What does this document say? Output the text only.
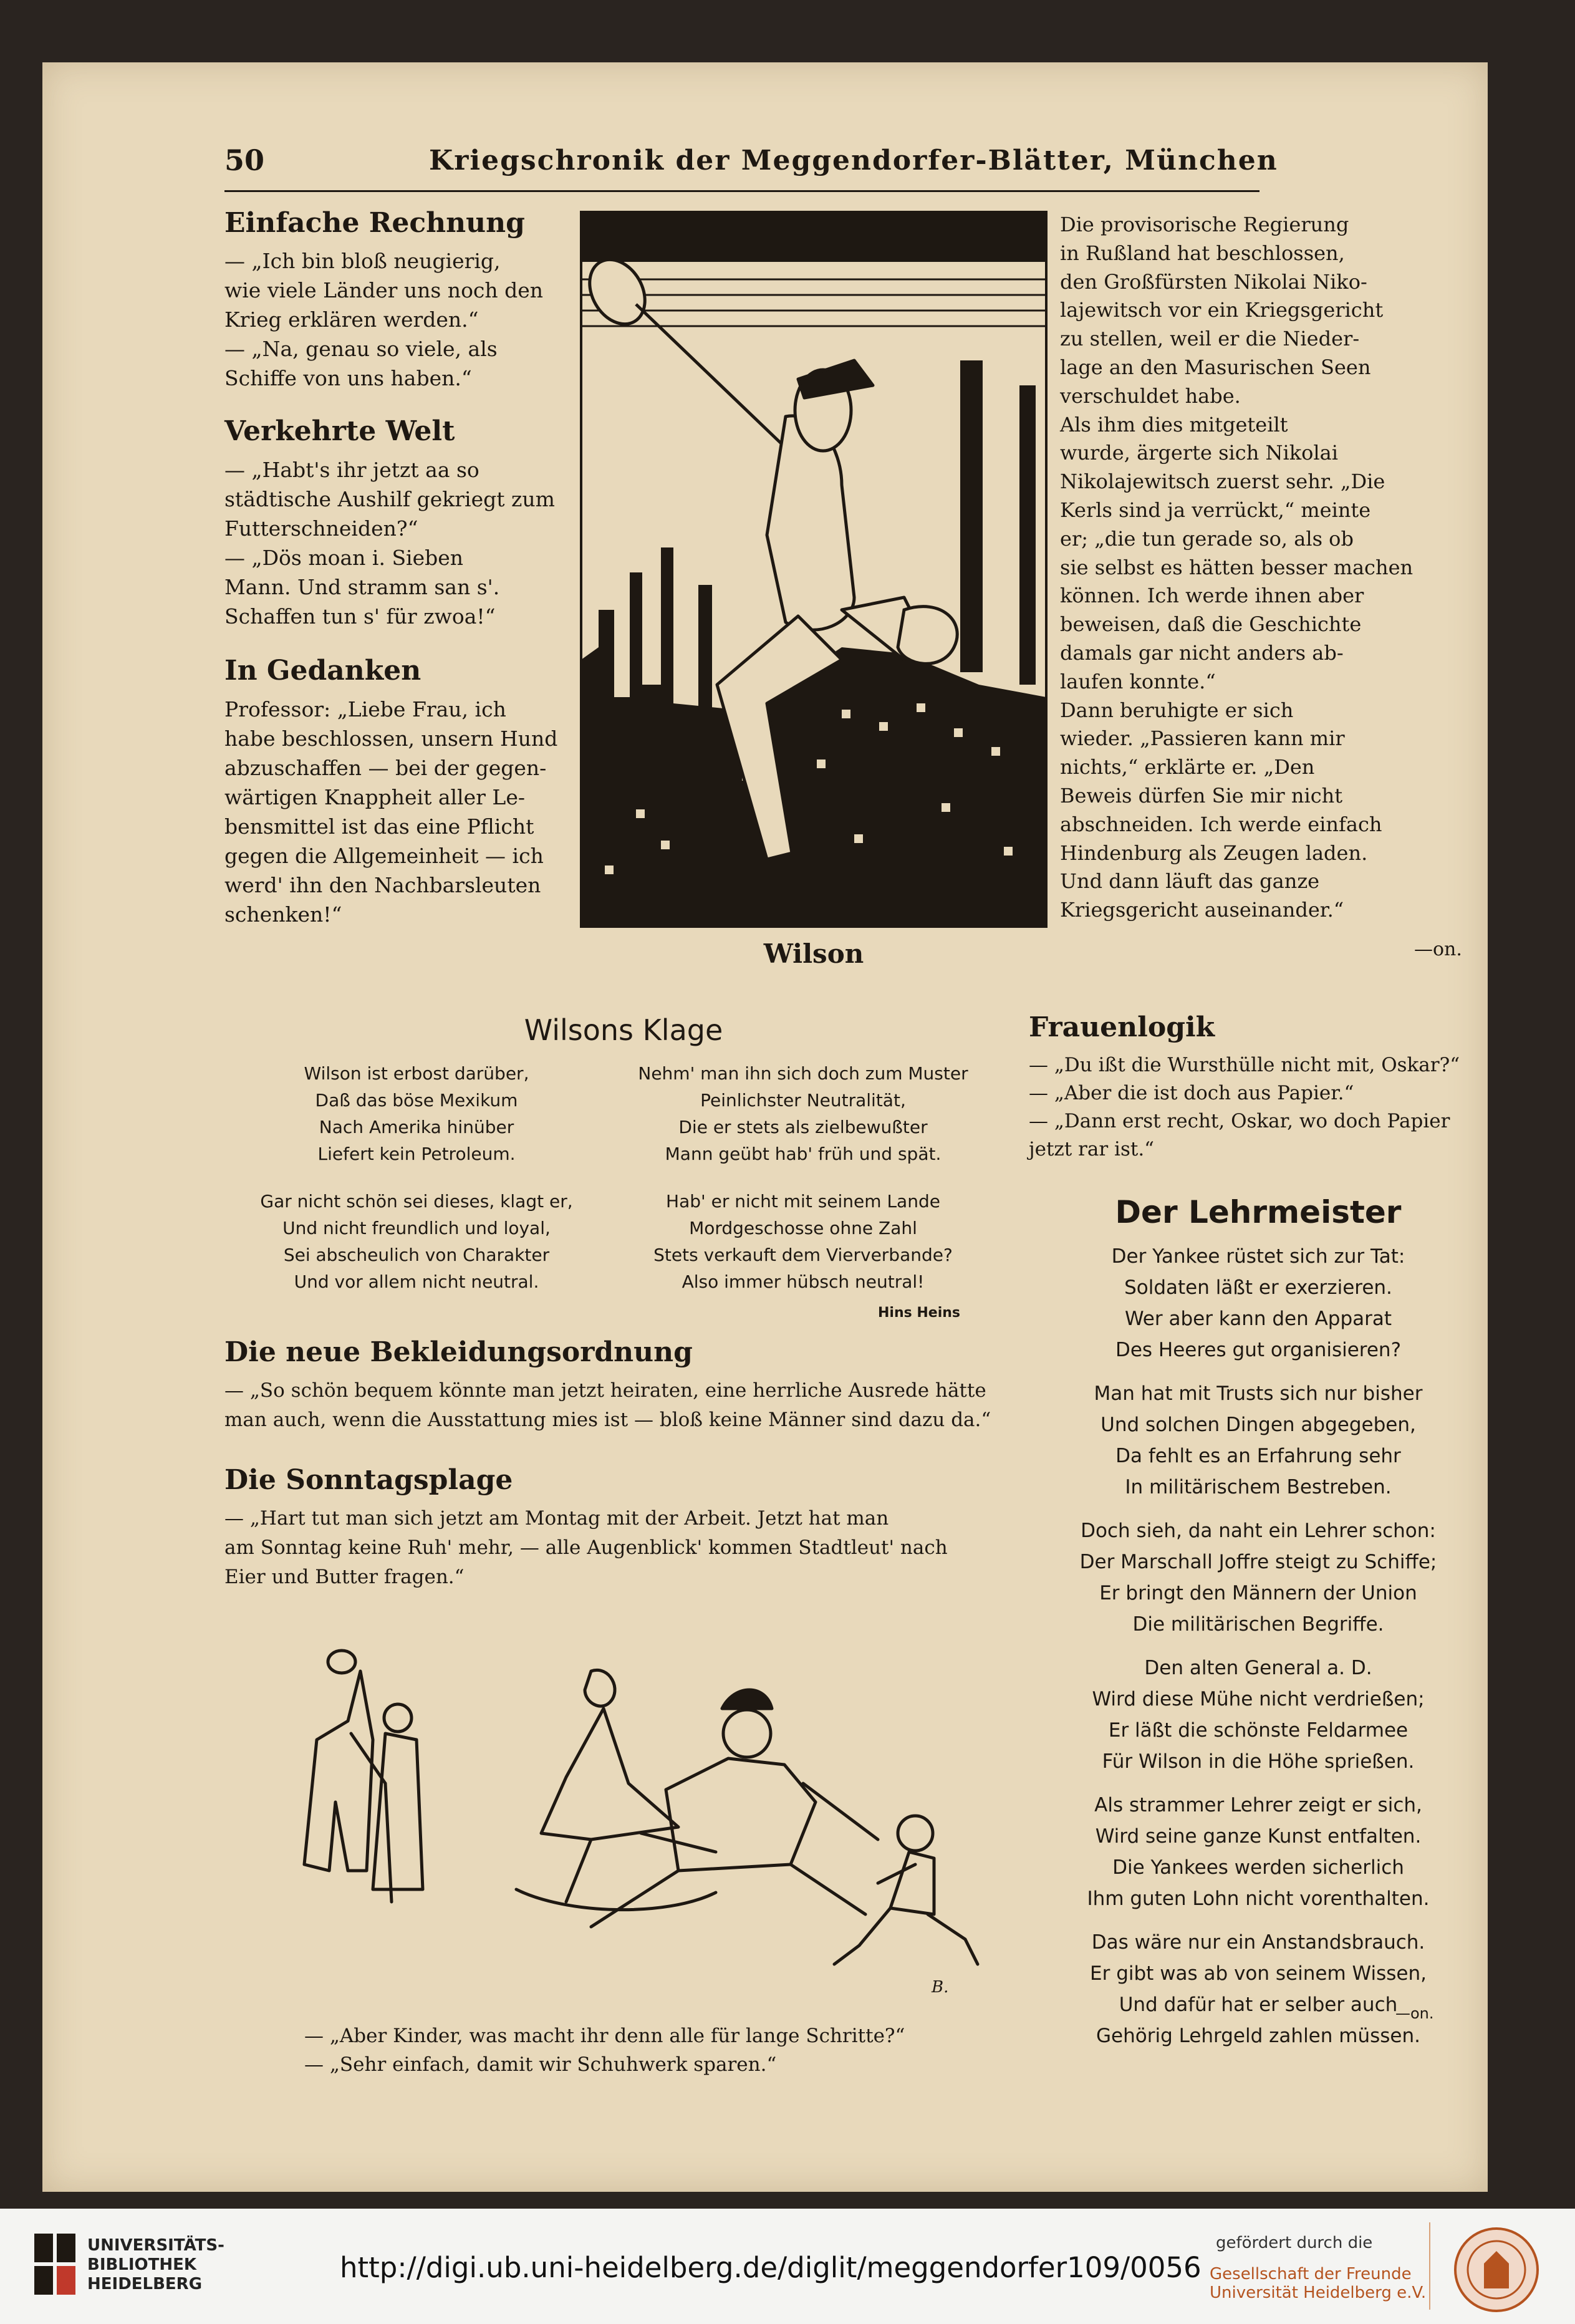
50	Kriegschronik der Meggendorfer-Blätter, München
Einfache Rechnung
— „Ich bin bloß neugierig,
wie viele Länder uns noch den
Krieg erklären werden.“
— „Na, genau so viele, als
Schiffe von uns haben.“
Verkehrte Welt
— „Habt's ihr jetzt aa so
städtische Aushilf gekriegt zum
Futterschneiden?“
— „Dös moan i. Sieben
Mann. Und stramm san s'.
Schaffen tun s' für zwoa!“
In Gedanken
Professor: „Liebe Frau, ich
habe beschlossen, unsern Hund
abzuschaffen — bei der gegen-
wärtigen Knappheit aller Le-
bensmittel ist das eine Pflicht
gegen die Allgemeinheit — ich
werd' ihn den Nachbarsleuten
schenken!“
Wilson
Die provisorische Regierung
in Rußland hat beschlossen,
den Großfürsten Nikolai Niko-
lajewitsch vor ein Kriegsgericht
zu stellen, weil er die Nieder-
lage an den Masurischen Seen
verschuldet habe.
Als ihm dies mitgeteilt
wurde, ärgerte sich Nikolai
Nikolajewitsch zuerst sehr. „Die
Kerls sind ja verrückt,“ meinte
er; „die tun gerade so, als ob
sie selbst es hätten besser machen
können. Ich werde ihnen aber
beweisen, daß die Geschichte
damals gar nicht anders ab-
laufen konnte.“
Dann beruhigte er sich
wieder. „Passieren kann mir
nichts,“ erklärte er. „Den
Beweis dürfen Sie mir nicht
abschneiden. Ich werde einfach
Hindenburg als Zeugen laden.
Und dann läuft das ganze
Kriegsgericht auseinander.“
—on.
Wilsons Klage
Wilson ist erbost darüber,
Daß das böse Mexikum
Nach Amerika hinüber
Liefert kein Petroleum.
Nehm' man ihn sich doch zum Muster
Peinlichster Neutralität,
Die er stets als zielbewußter
Mann geübt hab' früh und spät.
Gar nicht schön sei dieses, klagt er,
Und nicht freundlich und loyal,
Sei abscheulich von Charakter
Und vor allem nicht neutral.
Hab' er nicht mit seinem Lande
Mordgeschosse ohne Zahl
Stets verkauft dem Vierverbande?
Also immer hübsch neutral!
Hins Heins
Frauenlogik
— „Du ißt die Wursthülle nicht mit, Oskar?“
— „Aber die ist doch aus Papier.“
— „Dann erst recht, Oskar, wo doch Papier
jetzt rar ist.“
Die neue Bekleidungsordnung
— „So schön bequem könnte man jetzt heiraten, eine herrliche Ausrede hätte
man auch, wenn die Ausstattung mies ist — bloß keine Männer sind dazu da.“
Die Sonntagsplage
— „Hart tut man sich jetzt am Montag mit der Arbeit. Jetzt hat man
am Sonntag keine Ruh' mehr, — alle Augenblick' kommen Stadtleut' nach
Eier und Butter fragen.“
Der Lehrmeister
Der Yankee rüstet sich zur Tat:
Soldaten läßt er exerzieren.
Wer aber kann den Apparat
Des Heeres gut organisieren?
Man hat mit Trusts sich nur bisher
Und solchen Dingen abgegeben,
Da fehlt es an Erfahrung sehr
In militärischem Bestreben.
Doch sieh, da naht ein Lehrer schon:
Der Marschall Joffre steigt zu Schiffe;
Er bringt den Männern der Union
Die militärischen Begriffe.
Den alten General a. D.
Wird diese Mühe nicht verdrießen;
Er läßt die schönste Feldarmee
Für Wilson in die Höhe sprießen.
Als strammer Lehrer zeigt er sich,
Wird seine ganze Kunst entfalten.
Die Yankees werden sicherlich
Ihm guten Lohn nicht vorenthalten.
Das wäre nur ein Anstandsbrauch.
Er gibt was ab von seinem Wissen,
Und dafür hat er selber auch
Gehörig Lehrgeld zahlen müssen.
—on.
B.
— „Aber Kinder, was macht ihr denn alle für lange Schritte?“
— „Sehr einfach, damit wir Schuhwerk sparen.“
UNIVERSITÄTS-
BIBLIOTHEK
HEIDELBERG	http://digi.ub.uni-heidelberg.de/diglit/meggendorfer109/0056
gefördert durch die
Gesellschaft der Freunde
Universität Heidelberg e.V.
